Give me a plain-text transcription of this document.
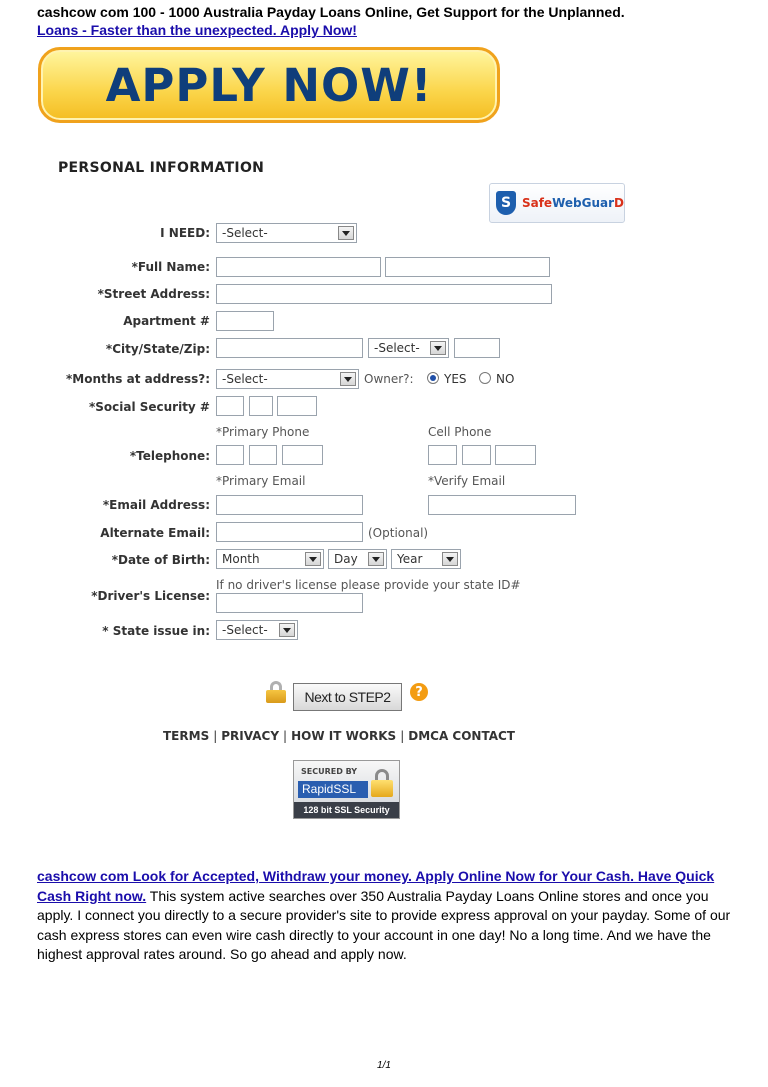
cashcow com 100 - 1000 Australia Payday Loans Online, Get Support for the Unplanned.
Loans - Faster than the unexpected. Apply Now!
APPLY NOW!
PERSONAL INFORMATION
S SafeWebGuarD
I NEED: -Select-
*Full Name:
*Street Address:
Apartment #
*City/State/Zip:	-Select-
*Months at address?: -Select-	Owner?:	YES NO
*Social Security #
*Primary Phone	Cell Phone
*Telephone:
*Primary Email	*Verify Email
*Email Address:
Alternate Email:	(Optional)
*Date of Birth: Month	Day	Year
If no driver's license please provide your state ID#
*Driver's License:
* State issue in: -Select-
Next to STEP2	?
TERMS | PRIVACY | HOW IT WORKS | DMCA CONTACT
SECURED BY
RapidSSL
128 bit SSL Security
cashcow com Look for Accepted, Withdraw your money. Apply Online Now for Your Cash. Have Quick Cash Right now. This system active searches over 350 Australia Payday Loans Online stores and once you apply. I connect you directly to a secure provider's site to provide express approval on your payday. Some of our cash express stores can even wire cash directly to your account in one day! No a long time. And we have the highest approval rates around. So go ahead and apply now.
1/1
